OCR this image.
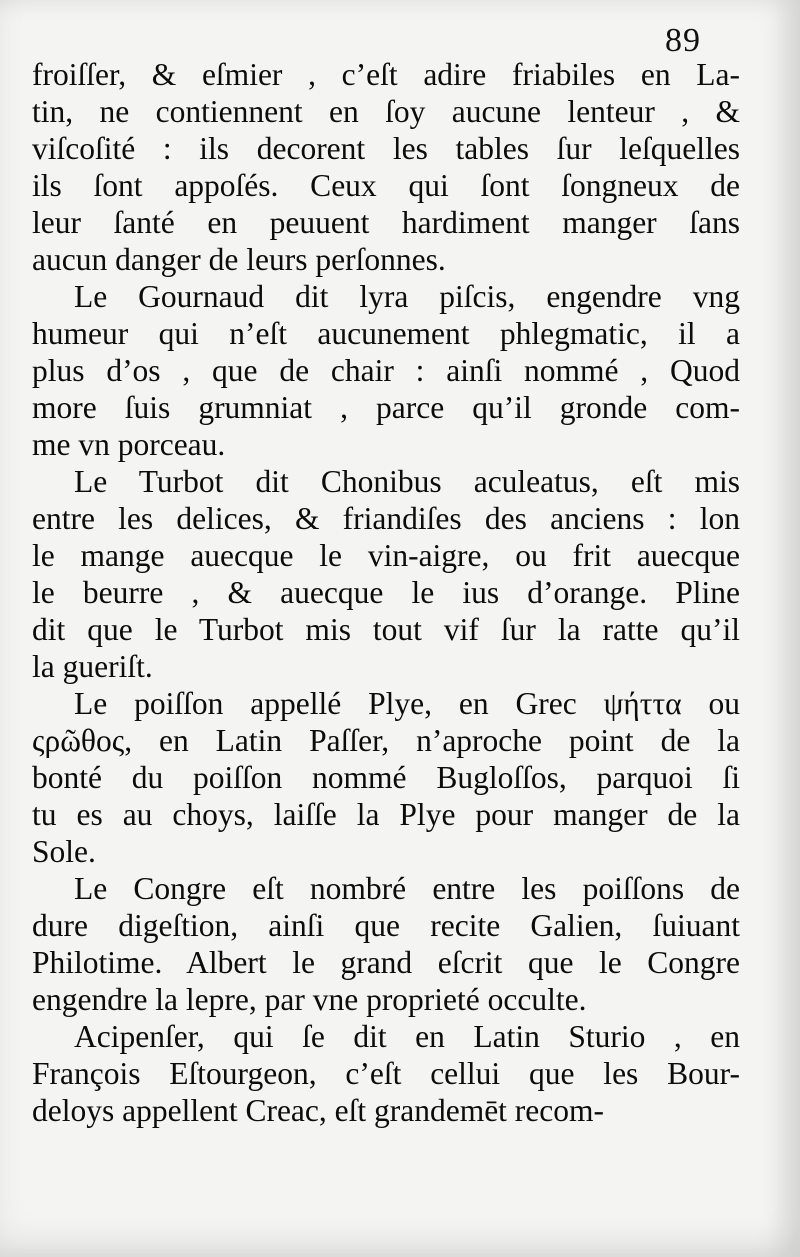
89
froiſſer, & eſmier , c’eſt adire friabiles en La-
tin, ne contiennent en ſoy aucune lenteur , &
viſcoſité : ils decorent les tables ſur leſquelles
ils ſont appoſés. Ceux qui ſont ſongneux de
leur ſanté en peuuent hardiment manger ſans
aucun danger de leurs perſonnes.
Le Gournaud dit lyra piſcis, engendre vng
humeur qui n’eſt aucunement phlegmatic, il a
plus d’os , que de chair : ainſi nommé , Quod
more ſuis grumniat , parce qu’il gronde com-
me vn porceau.
Le Turbot dit Chonibus aculeatus, eſt mis
entre les delices, & friandiſes des anciens : lon
le mange auecque le vin-aigre, ou frit auecque
le beurre , & auecque le ius d’orange. Pline
dit que le Turbot mis tout vif ſur la ratte qu’il
la gueriſt.
Le poiſſon appellé Plye, en Grec ψήττα ou
ςρῶθος, en Latin Paſſer, n’aproche point de la
bonté du poiſſon nommé Bugloſſos, parquoi ſi
tu es au choys, laiſſe la Plye pour manger de la
Sole.
Le Congre eſt nombré entre les poiſſons de
dure digeſtion, ainſi que recite Galien, ſuiuant
Philotime. Albert le grand eſcrit que le Congre
engendre la lepre, par vne proprieté occulte.
Acipenſer, qui ſe dit en Latin Sturio , en
François Eſtourgeon, c’eſt cellui que les Bour-
deloys appellent Creac, eſt grandemēt recom-
